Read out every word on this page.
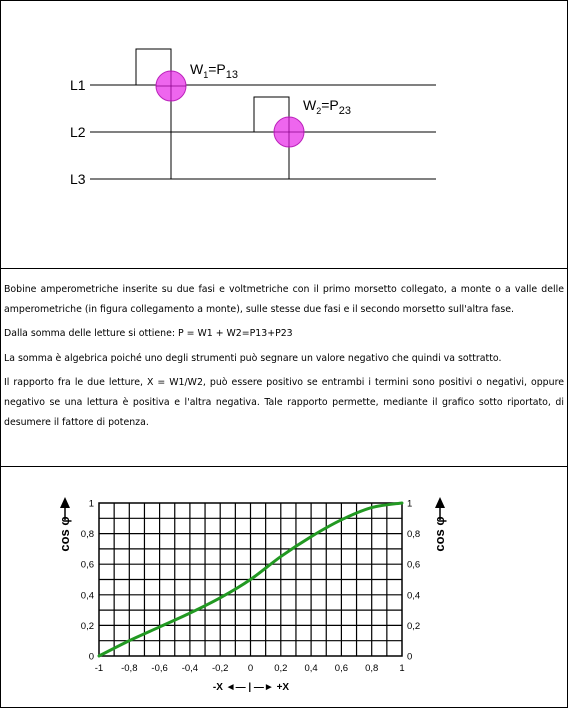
L1
L2
L3
$W_1=P_{13}$
$W_2=P_{23}$

Bobine amperometriche inserite su due fasi e voltmetriche con il primo morsetto collegato, a monte o a valle delle amperometriche (in figura collegamento a monte), sulle stesse due fasi e il secondo morsetto sull'altra fase.

Dalla somma delle letture si ottiene: P = W1 + W2=P13+P23

La somma è algebrica poiché uno degli strumenti può segnare un valore negativo che quindi va sottratto.

Il rapporto fra le due letture, X = W1/W2, può essere positivo se entrambi i termini sono positivi o negativi, oppure negativo se una lettura è positiva e l'altra negativa. Tale rapporto permette, mediante il grafico sotto riportato, di desumere il fattore di potenza.

0
0,2
0,4
0,6
0,8
1
0
0,2
0,4
0,6
0,8
1
-1 -0,8 -0,6 -0,4 -0,2 0 0,2 0,4 0,6 0,8 1
cos φ	cos φ
-X ◄— | —► +X
